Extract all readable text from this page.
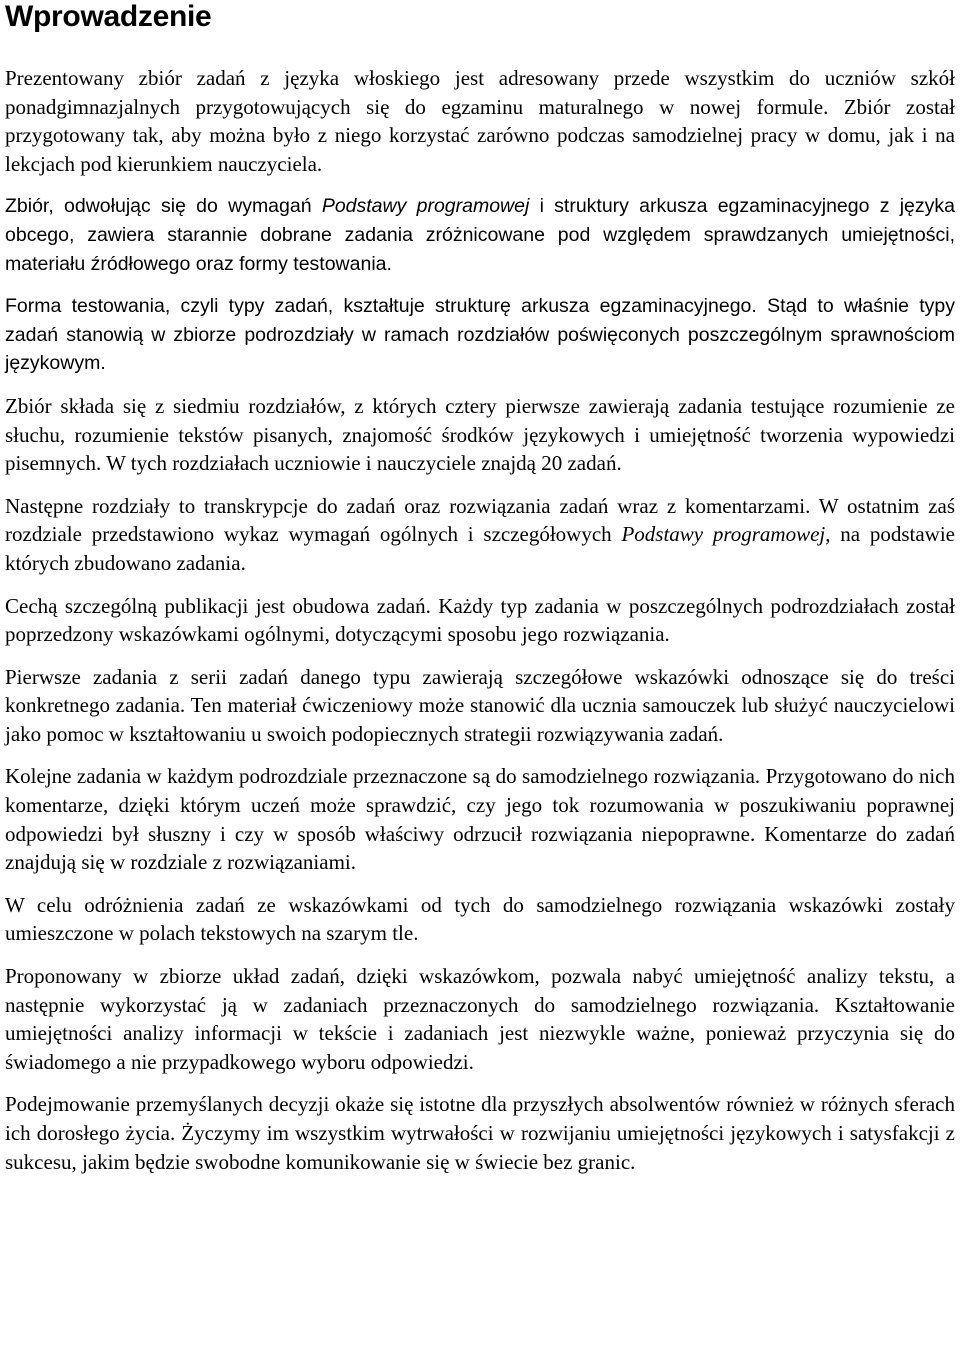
Wprowadzenie

Prezentowany zbiór zadań z języka włoskiego jest adresowany przede wszystkim do uczniów szkół ponadgimnazjalnych przygotowujących się do egzaminu maturalnego w nowej formule. Zbiór został przygotowany tak, aby można było z niego korzystać zarówno podczas samodzielnej pracy w domu, jak i na lekcjach pod kierunkiem nauczyciela.

Zbiór, odwołując się do wymagań Podstawy programowej i struktury arkusza egzaminacyjnego z języka obcego, zawiera starannie dobrane zadania zróżnicowane pod względem sprawdzanych umiejętności, materiału źródłowego oraz formy testowania.

Forma testowania, czyli typy zadań, kształtuje strukturę arkusza egzaminacyjnego. Stąd to właśnie typy zadań stanowią w zbiorze podrozdziały w ramach rozdziałów poświęconych poszczególnym sprawnościom językowym.

Zbiór składa się z siedmiu rozdziałów, z których cztery pierwsze zawierają zadania testujące rozumienie ze słuchu, rozumienie tekstów pisanych, znajomość środków językowych i umiejętność tworzenia wypowiedzi pisemnych. W tych rozdziałach uczniowie i nauczyciele znajdą 20 zadań.

Następne rozdziały to transkrypcje do zadań oraz rozwiązania zadań wraz z komentarzami. W ostatnim zaś rozdziale przedstawiono wykaz wymagań ogólnych i szczegółowych Podstawy programowej, na podstawie których zbudowano zadania.

Cechą szczególną publikacji jest obudowa zadań. Każdy typ zadania w poszczególnych podrozdziałach został poprzedzony wskazówkami ogólnymi, dotyczącymi sposobu jego rozwiązania.

Pierwsze zadania z serii zadań danego typu zawierają szczegółowe wskazówki odnoszące się do treści konkretnego zadania. Ten materiał ćwiczeniowy może stanowić dla ucznia samouczek lub służyć nauczycielowi jako pomoc w kształtowaniu u swoich podopiecznych strategii rozwiązywania zadań.

Kolejne zadania w każdym podrozdziale przeznaczone są do samodzielnego rozwiązania. Przygotowano do nich komentarze, dzięki którym uczeń może sprawdzić, czy jego tok rozumowania w poszukiwaniu poprawnej odpowiedzi był słuszny i czy w sposób właściwy odrzucił rozwiązania niepoprawne. Komentarze do zadań znajdują się w rozdziale z rozwiązaniami.

W celu odróżnienia zadań ze wskazówkami od tych do samodzielnego rozwiązania wskazówki zostały umieszczone w polach tekstowych na szarym tle.

Proponowany w zbiorze układ zadań, dzięki wskazówkom, pozwala nabyć umiejętność analizy tekstu, a następnie wykorzystać ją w zadaniach przeznaczonych do samodzielnego rozwiązania. Kształtowanie umiejętności analizy informacji w tekście i zadaniach jest niezwykle ważne, ponieważ przyczynia się do świadomego a nie przypadkowego wyboru odpowiedzi.

Podejmowanie przemyślanych decyzji okaże się istotne dla przyszłych absolwentów również w różnych sferach ich dorosłego życia. Życzymy im wszystkim wytrwałości w rozwijaniu umiejętności językowych i satysfakcji z sukcesu, jakim będzie swobodne komunikowanie się w świecie bez granic.
